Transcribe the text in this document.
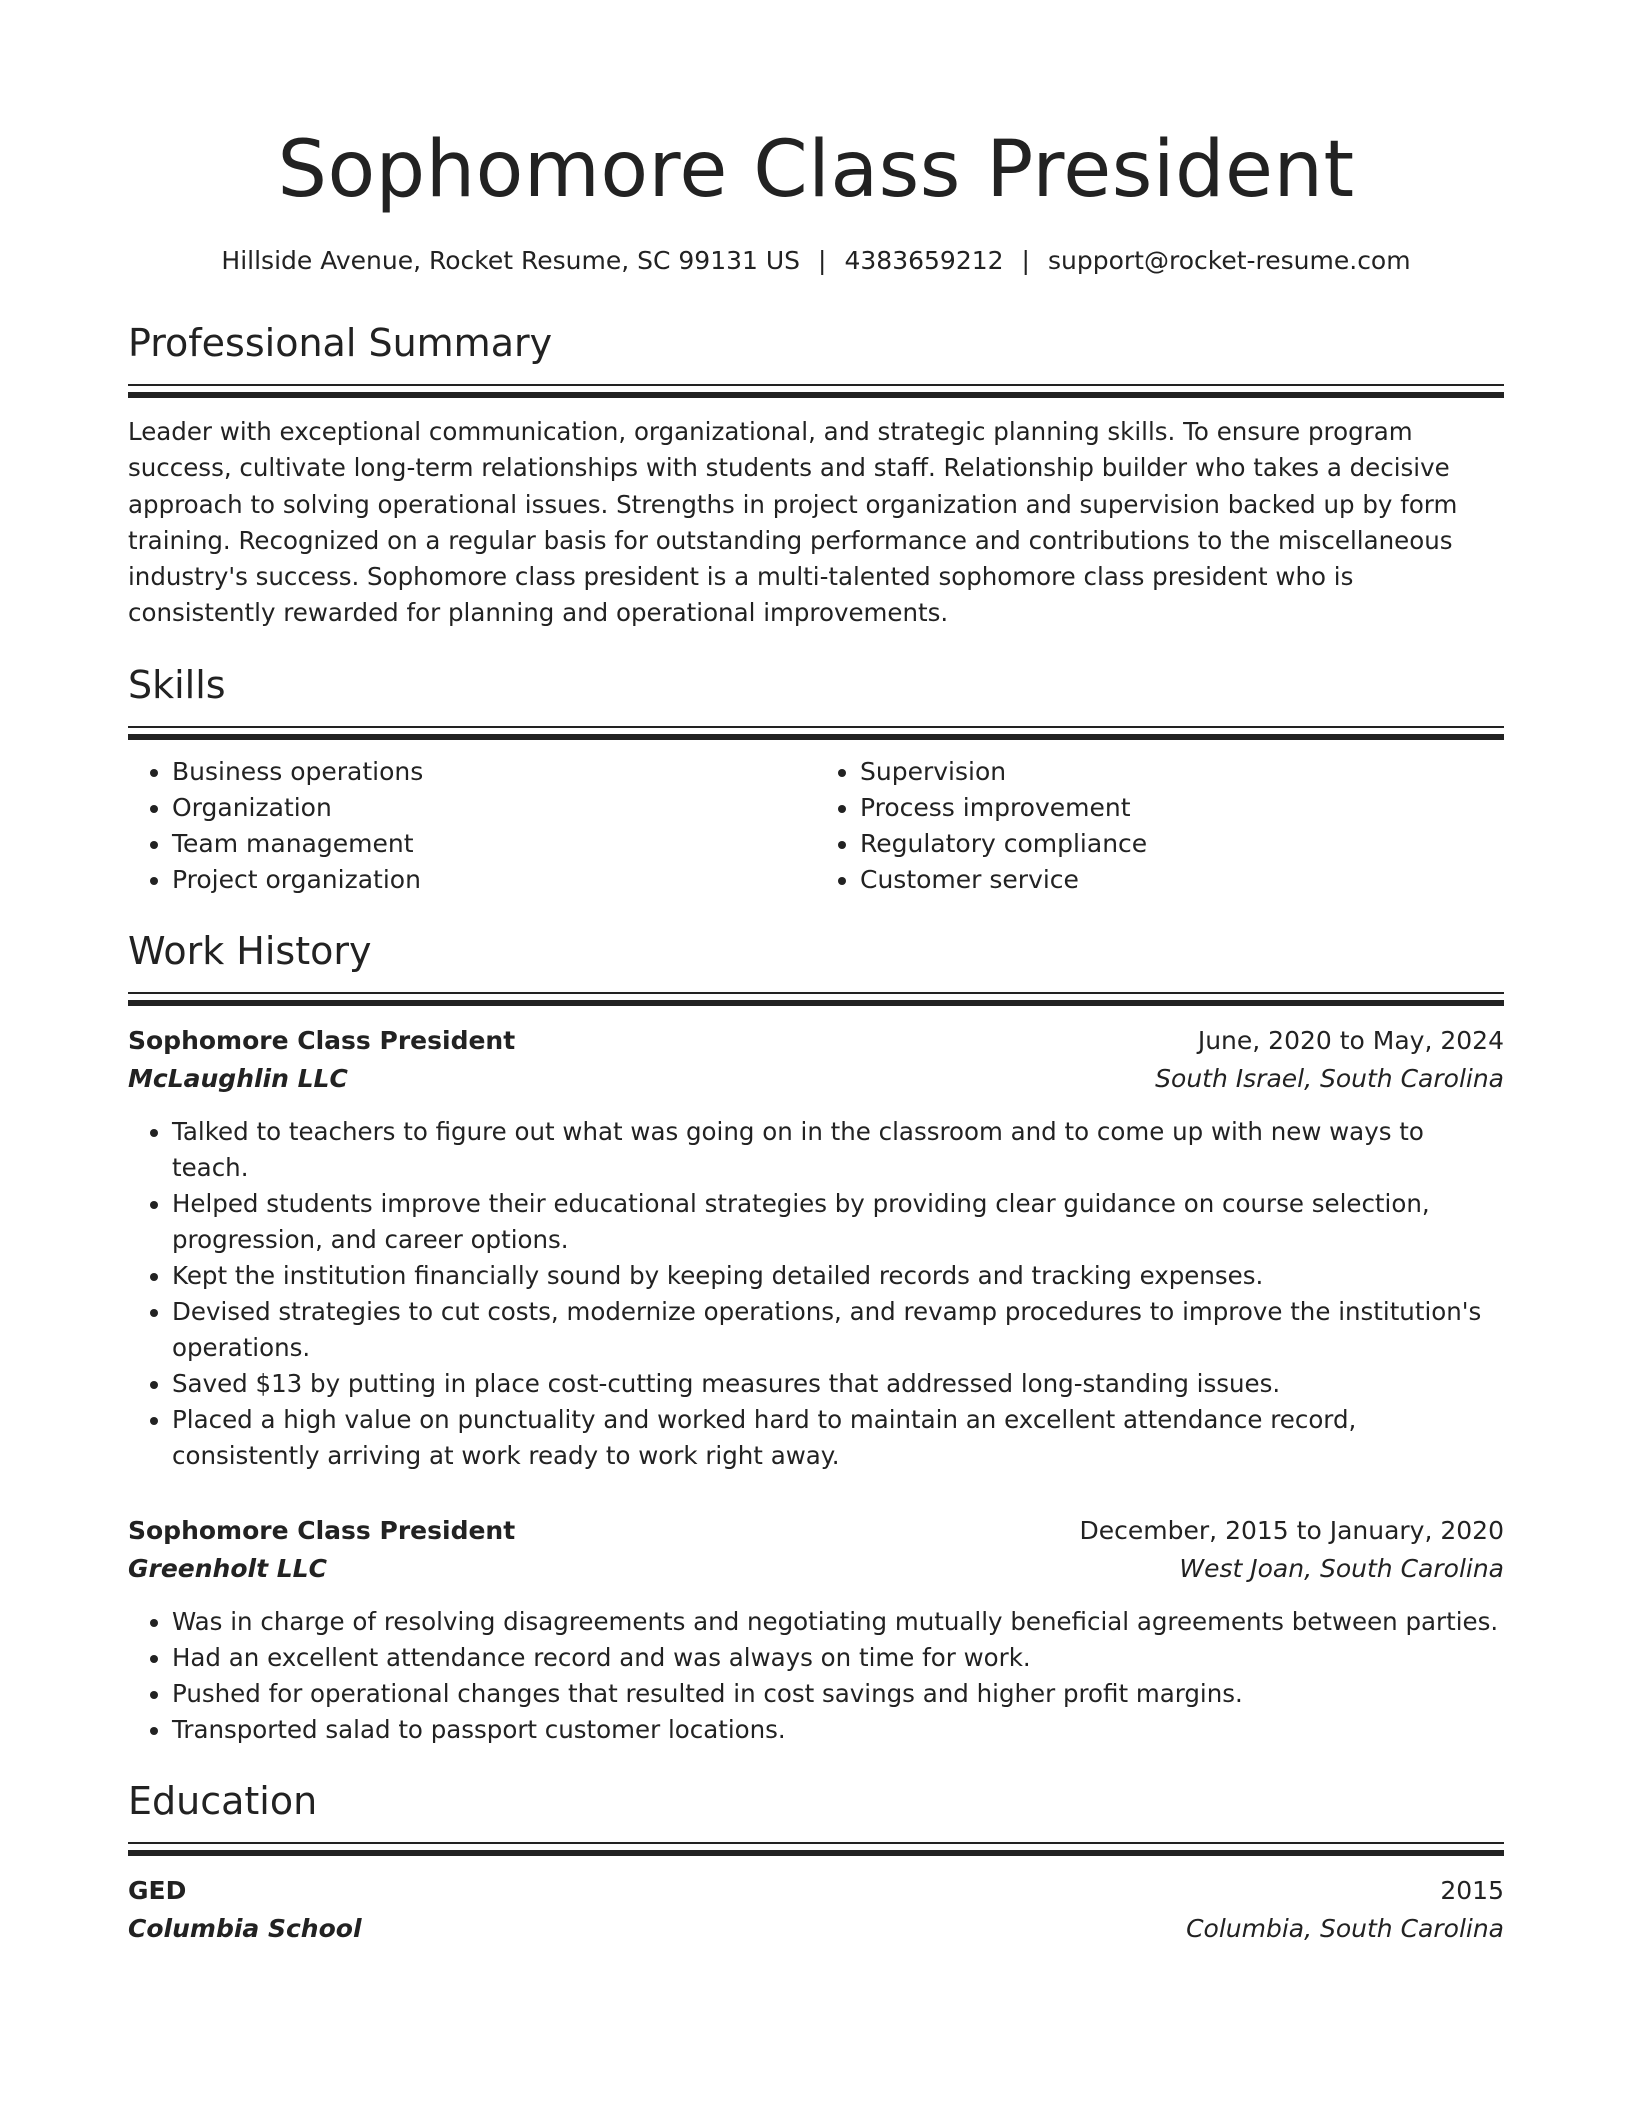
Sophomore Class President
Hillside Avenue, Rocket Resume, SC 99131 US | 4383659212 | support@rocket-resume.com
Professional Summary
Leader with exceptional communication, organizational, and strategic planning skills. To ensure program success, cultivate long-term relationships with students and staff. Relationship builder who takes a decisive approach to solving operational issues. Strengths in project organization and supervision backed up by form training. Recognized on a regular basis for outstanding performance and contributions to the miscellaneous industry's success. Sophomore class president is a multi-talented sophomore class president who is consistently rewarded for planning and operational improvements.
Skills
• Business operations
• Organization
• Team management
• Project organization
• Supervision
• Process improvement
• Regulatory compliance
• Customer service
Work History
Sophomore Class President	June, 2020 to May, 2024
McLaughlin LLC	South Israel, South Carolina
• Talked to teachers to figure out what was going on in the classroom and to come up with new ways to teach.
• Helped students improve their educational strategies by providing clear guidance on course selection, progression, and career options.
• Kept the institution financially sound by keeping detailed records and tracking expenses.
• Devised strategies to cut costs, modernize operations, and revamp procedures to improve the institution's operations.
• Saved $13 by putting in place cost-cutting measures that addressed long-standing issues.
• Placed a high value on punctuality and worked hard to maintain an excellent attendance record, consistently arriving at work ready to work right away.
Sophomore Class President	December, 2015 to January, 2020
Greenholt LLC	West Joan, South Carolina
• Was in charge of resolving disagreements and negotiating mutually beneficial agreements between parties.
• Had an excellent attendance record and was always on time for work.
• Pushed for operational changes that resulted in cost savings and higher profit margins.
• Transported salad to passport customer locations.
Education
GED	2015
Columbia School	Columbia, South Carolina
